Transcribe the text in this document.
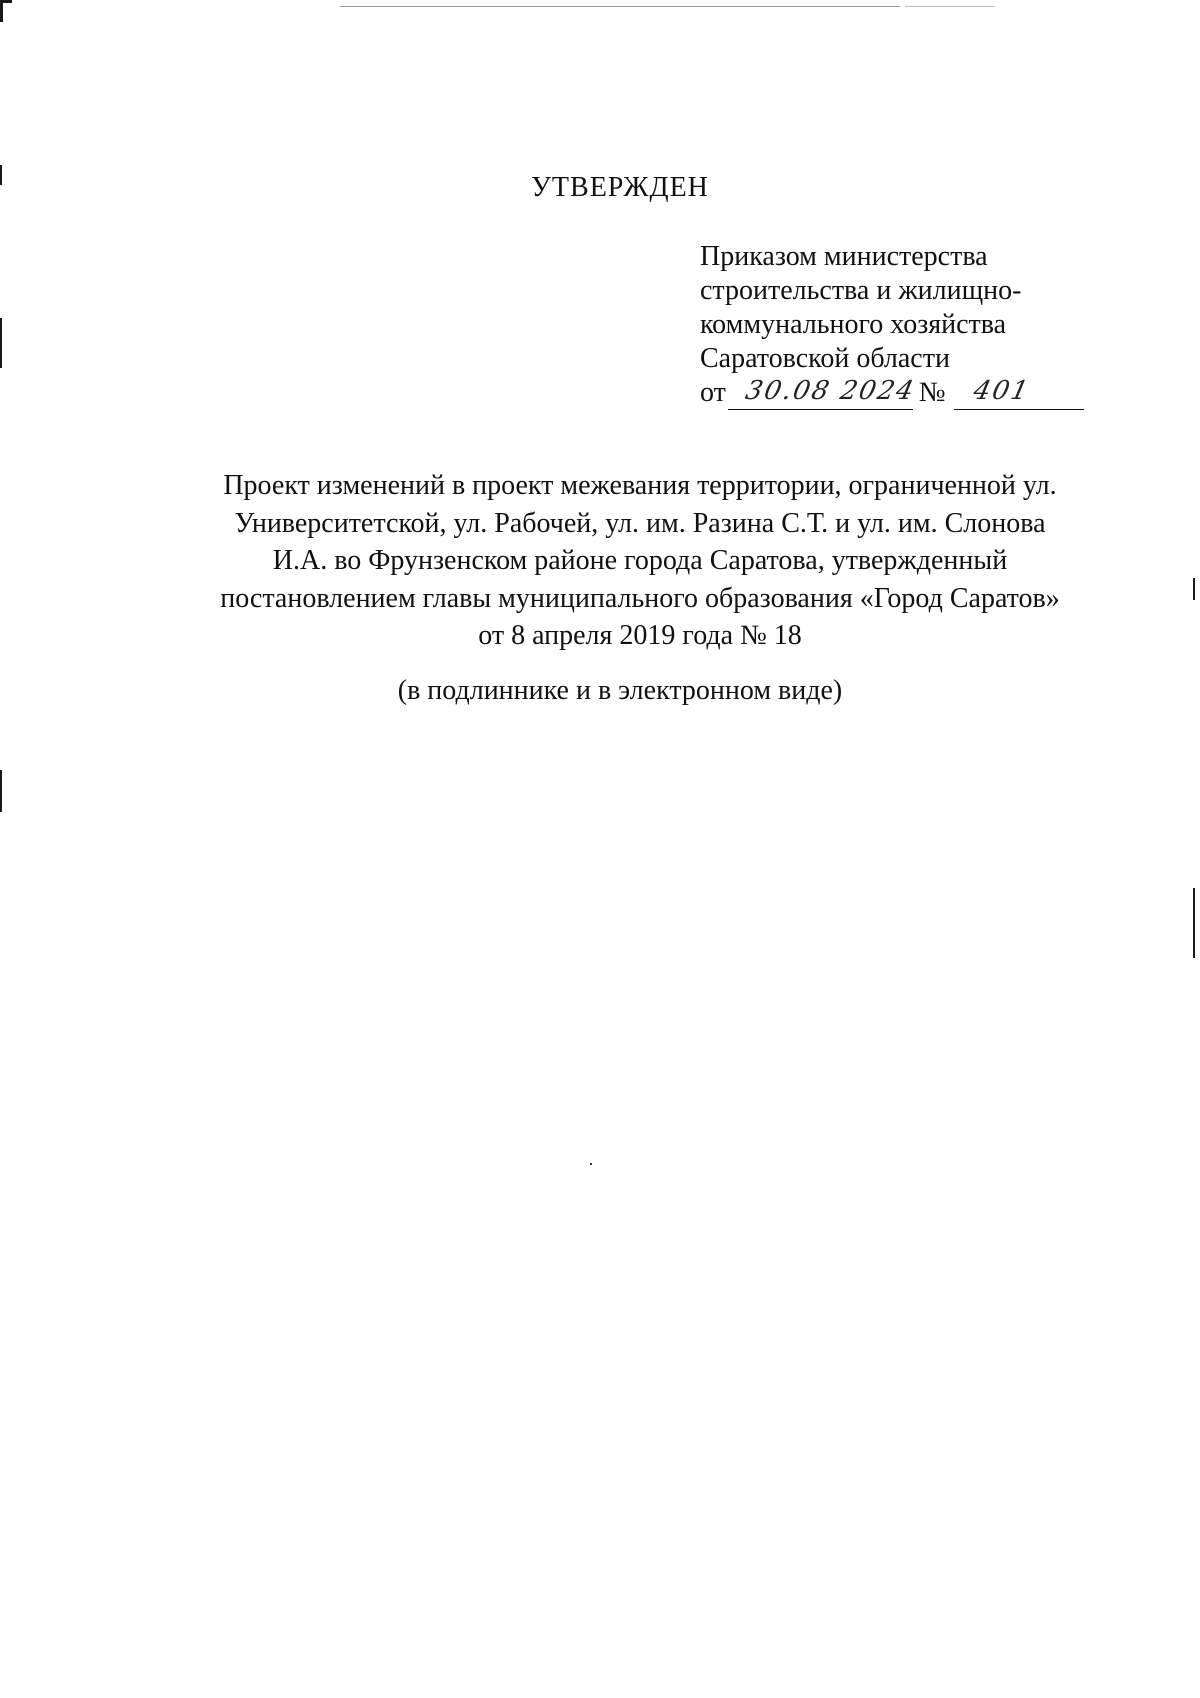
УТВЕРЖДЕН
Приказом министерства
строительства и жилищно-
коммунального хозяйства
Саратовской области
от 30.08 2024 № 401
Проект изменений в проект межевания территории, ограниченной ул.
Университетской, ул. Рабочей, ул. им. Разина С.Т. и ул. им. Слонова
И.А. во Фрунзенском районе города Саратова, утвержденный
постановлением главы муниципального образования «Город Саратов»
от 8 апреля 2019 года № 18
(в подлиннике и в электронном виде)
